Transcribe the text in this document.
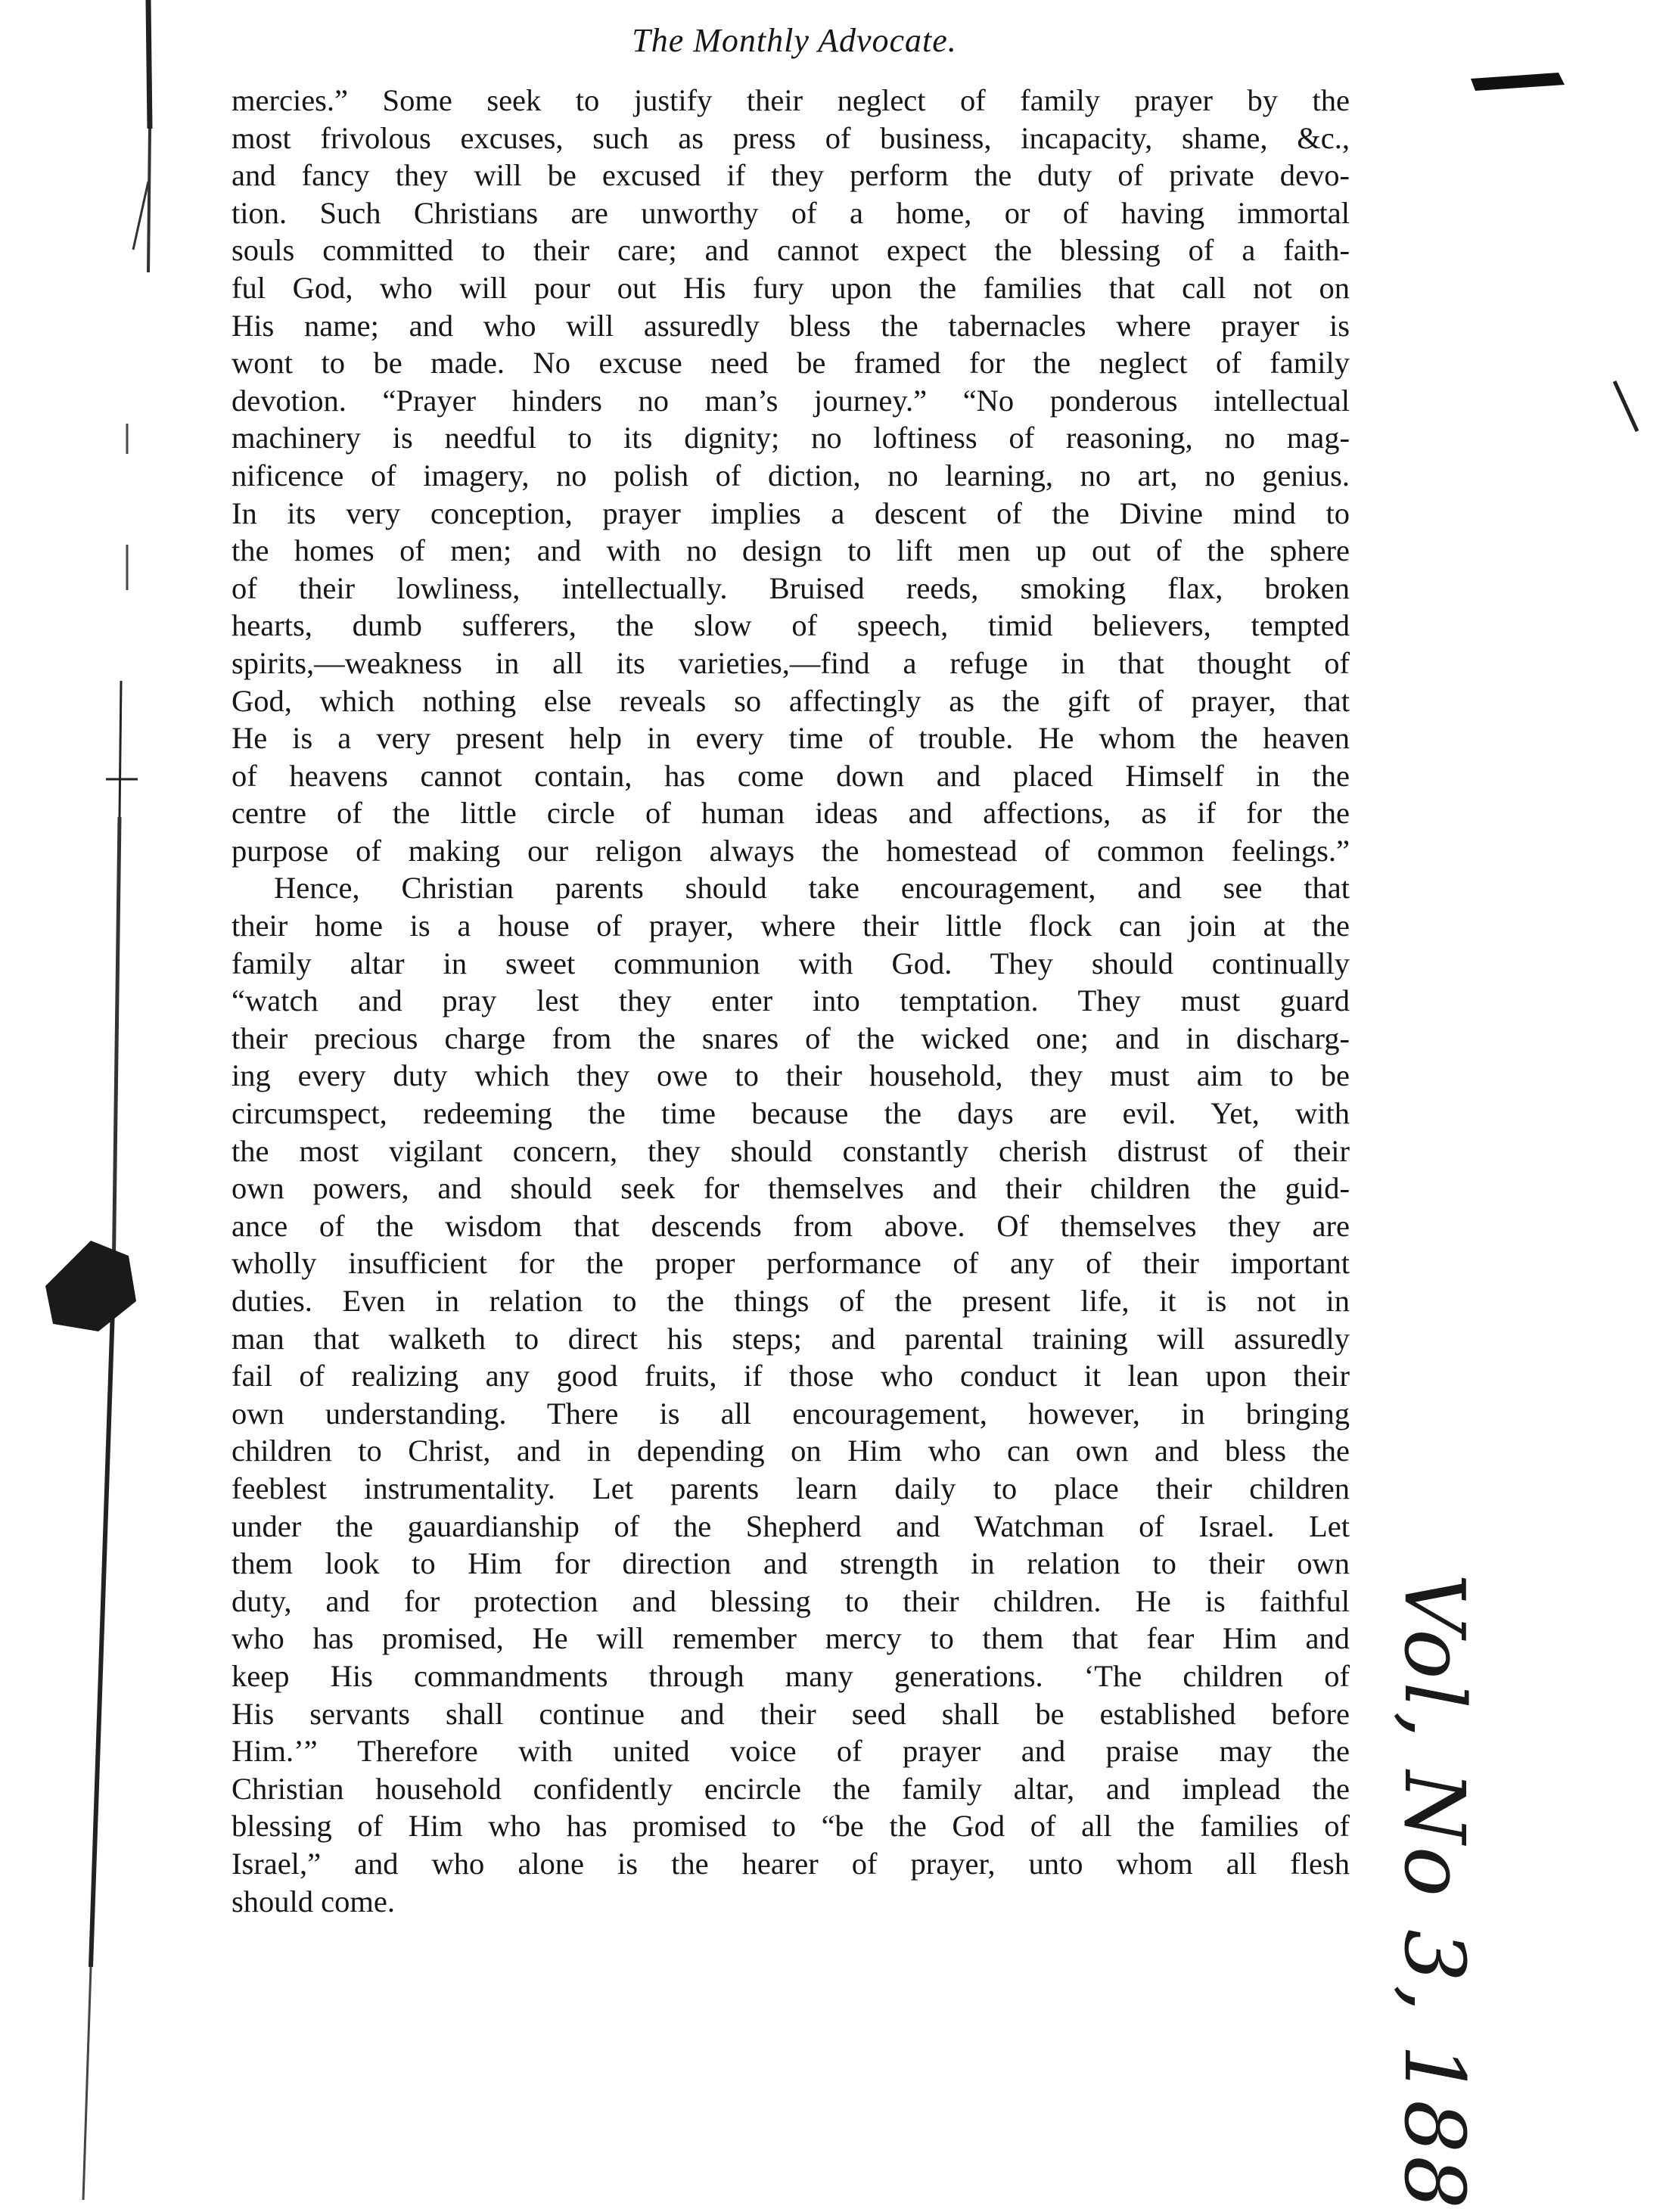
The Monthly Advocate.

mercies.” Some seek to justify their neglect of family prayer by the
most frivolous excuses, such as press of business, incapacity, shame, &c.,
and fancy they will be excused if they perform the duty of private devo-
tion. Such Christians are unworthy of a home, or of having immortal
souls committed to their care; and cannot expect the blessing of a faith-
ful God, who will pour out His fury upon the families that call not on
His name; and who will assuredly bless the tabernacles where prayer is
wont to be made. No excuse need be framed for the neglect of family
devotion. “Prayer hinders no man’s journey.” “No ponderous intellectual
machinery is needful to its dignity; no loftiness of reasoning, no mag-
nificence of imagery, no polish of diction, no learning, no art, no genius.
In its very conception, prayer implies a descent of the Divine mind to
the homes of men; and with no design to lift men up out of the sphere
of their lowliness, intellectually. Bruised reeds, smoking flax, broken
hearts, dumb sufferers, the slow of speech, timid believers, tempted
spirits,—weakness in all its varieties,—find a refuge in that thought of
God, which nothing else reveals so affectingly as the gift of prayer, that
He is a very present help in every time of trouble. He whom the heaven
of heavens cannot contain, has come down and placed Himself in the
centre of the little circle of human ideas and affections, as if for the
purpose of making our religon always the homestead of common feelings.”

Hence, Christian parents should take encouragement, and see that
their home is a house of prayer, where their little flock can join at the
family altar in sweet communion with God. They should continually
“watch and pray lest they enter into temptation. They must guard
their precious charge from the snares of the wicked one; and in discharg-
ing every duty which they owe to their household, they must aim to be
circumspect, redeeming the time because the days are evil. Yet, with
the most vigilant concern, they should constantly cherish distrust of their
own powers, and should seek for themselves and their children the guid-
ance of the wisdom that descends from above. Of themselves they are
wholly insufficient for the proper performance of any of their important
duties. Even in relation to the things of the present life, it is not in
man that walketh to direct his steps; and parental training will assuredly
fail of realizing any good fruits, if those who conduct it lean upon their
own understanding. There is all encouragement, however, in bringing
children to Christ, and in depending on Him who can own and bless the
feeblest instrumentality. Let parents learn daily to place their children
under the gauardianship of the Shepherd and Watchman of Israel. Let
them look to Him for direction and strength in relation to their own
duty, and for protection and blessing to their children. He is faithful
who has promised, He will remember mercy to them that fear Him and
keep His commandments through many generations. ‘The children of
His servants shall continue and their seed shall be established before
Him.’” Therefore with united voice of prayer and praise may the
Christian household confidently encircle the family altar, and implead the
blessing of Him who has promised to “be the God of all the families of
Israel,” and who alone is the hearer of prayer, unto whom all flesh
should come.	Vol, No 3, 188
